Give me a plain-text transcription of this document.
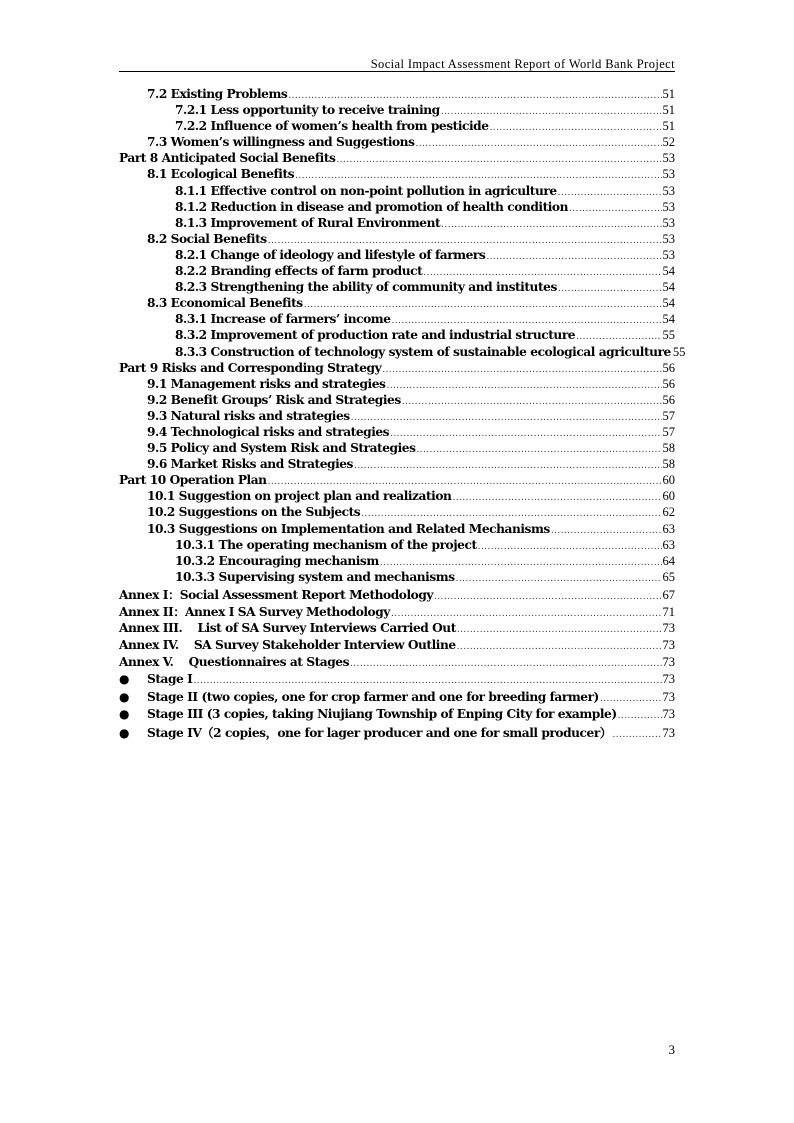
Social Impact Assessment Report of World Bank Project
7.2 Existing Problems .....	51
7.2.1 Less opportunity to receive training .....	51
7.2.2 Influence of women’s health from pesticide .....	51
7.3 Women’s willingness and Suggestions .....	52
Part 8 Anticipated Social Benefits .....	53
8.1 Ecological Benefits .....	53
8.1.1 Effective control on non-point pollution in agriculture .....	53
8.1.2 Reduction in disease and promotion of health condition .....	53
8.1.3 Improvement of Rural Environment .....	53
8.2 Social Benefits .....	53
8.2.1 Change of ideology and lifestyle of farmers .....	53
8.2.2 Branding effects of farm product .....	54
8.2.3 Strengthening the ability of community and institutes .....	54
8.3 Economical Benefits .....	54
8.3.1 Increase of farmers’ income .....	54
8.3.2 Improvement of production rate and industrial structure .....	55
8.3.3 Construction of technology system of sustainable ecological agriculture 55
Part 9 Risks and Corresponding Strategy .....	56
9.1 Management risks and strategies .....	56
9.2 Benefit Groups’ Risk and Strategies .....	56
9.3 Natural risks and strategies .....	57
9.4 Technological risks and strategies .....	57
9.5 Policy and System Risk and Strategies .....	58
9.6 Market Risks and Strategies .....	58
Part 10 Operation Plan .....	60
10.1 Suggestion on project plan and realization .....	60
10.2 Suggestions on the Subjects .....	62
10.3 Suggestions on Implementation and Related Mechanisms .....	63
10.3.1 The operating mechanism of the project .....	63
10.3.2 Encouraging mechanism .....	64
10.3.3 Supervising system and mechanisms .....	65
Annex I：Social Assessment Report Methodology .....	67
Annex II：Annex I SA Survey Methodology .....	71
Annex III.    List of SA Survey Interviews Carried Out .....	73
Annex IV.    SA Survey Stakeholder Interview Outline .....	73
Annex V.    Questionnaires at Stages .....	73
●	Stage I .....	73
●	Stage II (two copies, one for crop farmer and one for breeding farmer) .....	73
●	Stage III (3 copies, taking Niujiang Township of Enping City for example) .....	73
●	Stage IV（2 copies，one for lager producer and one for small producer） .....	73
3
